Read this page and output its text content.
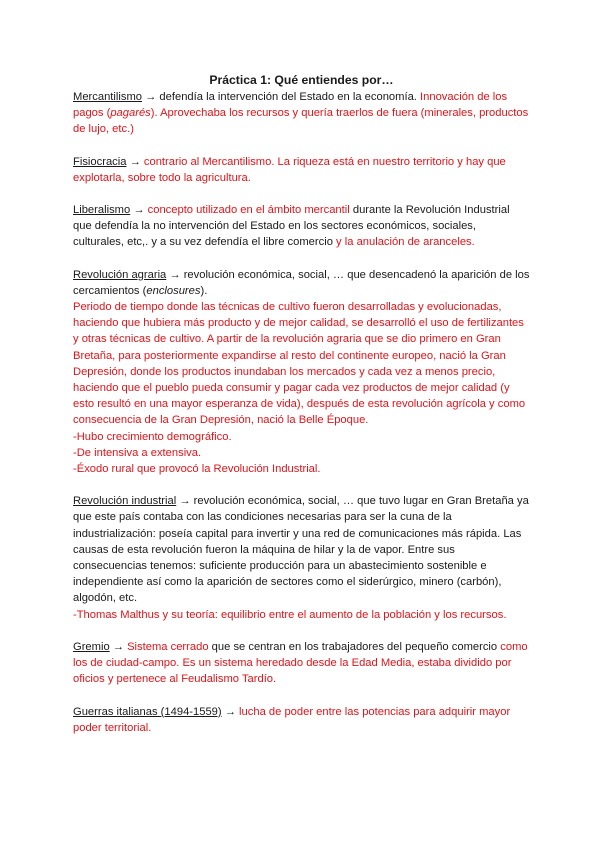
Práctica 1: Qué entiendes por…

Mercantilismo → defendía la intervención del Estado en la economía. Innovación de los pagos (pagarés). Aprovechaba los recursos y quería traerlos de fuera (minerales, productos de lujo, etc.)

Fisiocracia → contrario al Mercantilismo. La riqueza está en nuestro territorio y hay que explotarla, sobre todo la agricultura.

Liberalismo → concepto utilizado en el ámbito mercantil durante la Revolución Industrial que defendía la no intervención del Estado en los sectores económicos, sociales, culturales, etc,. y a su vez defendía el libre comercio y la anulación de aranceles.

Revolución agraria → revolución económica, social, … que desencadenó la aparición de los cercamientos (enclosures).

Periodo de tiempo donde las técnicas de cultivo fueron desarrolladas y evolucionadas, haciendo que hubiera más producto y de mejor calidad, se desarrolló el uso de fertilizantes y otras técnicas de cultivo. A partir de la revolución agraria que se dio primero en Gran Bretaña, para posteriormente expandirse al resto del continente europeo, nació la Gran Depresión, donde los productos inundaban los mercados y cada vez a menos precio, haciendo que el pueblo pueda consumir y pagar cada vez productos de mejor calidad (y esto resultó en una mayor esperanza de vida), después de esta revolución agrícola y como consecuencia de la Gran Depresión, nació la Belle Époque.

-Hubo crecimiento demográfico.

-De intensiva a extensiva.

-Éxodo rural que provocó la Revolución Industrial.

Revolución industrial → revolución económica, social, … que tuvo lugar en Gran Bretaña ya que este país contaba con las condiciones necesarias para ser la cuna de la industrialización: poseía capital para invertir y una red de comunicaciones más rápida. Las causas de esta revolución fueron la máquina de hilar y la de vapor. Entre sus consecuencias tenemos: suficiente producción para un abastecimiento sostenible e independiente así como la aparición de sectores como el siderúrgico, minero (carbón), algodón, etc.

-Thomas Malthus y su teoría: equilibrio entre el aumento de la población y los recursos.

Gremio → Sistema cerrado que se centran en los trabajadores del pequeño comercio como los de ciudad-campo. Es un sistema heredado desde la Edad Media, estaba dividido por oficios y pertenece al Feudalismo Tardío.

Guerras italianas (1494-1559) → lucha de poder entre las potencias para adquirir mayor poder territorial.
